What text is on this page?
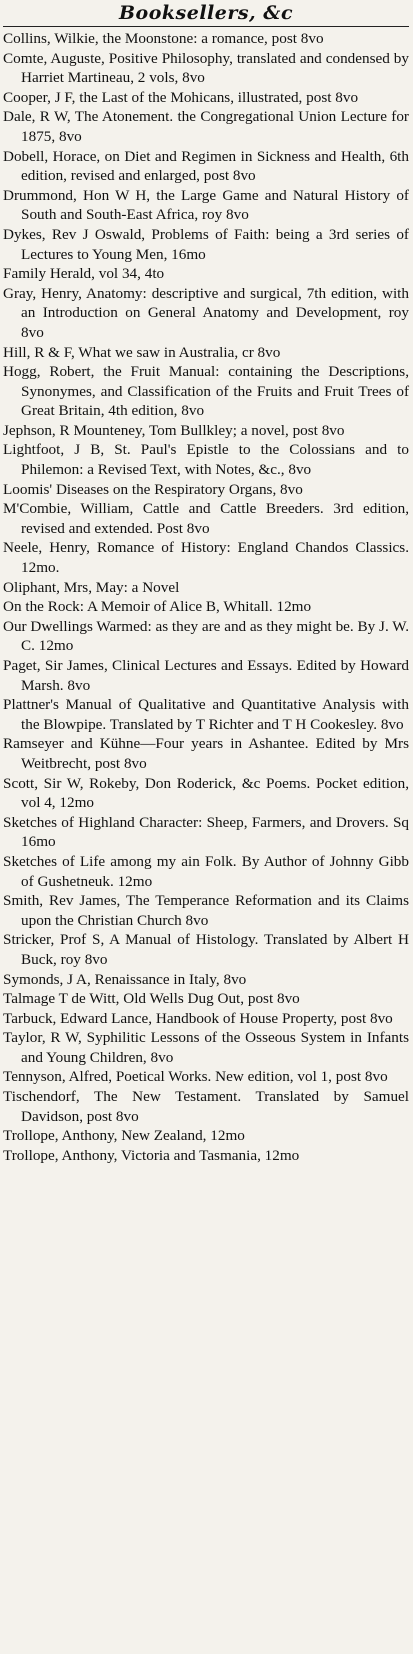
Booksellers, &c

Collins, Wilkie, the Moonstone: a romance, post 8vo

Comte, Auguste, Positive Philosophy, translated and condensed by Harriet Martineau, 2 vols, 8vo

Cooper, J F, the Last of the Mohicans, illustrated, post 8vo

Dale, R W, The Atonement. the Congregational Union Lecture for 1875, 8vo

Dobell, Horace, on Diet and Regimen in Sickness and Health, 6th edition, revised and enlarged, post 8vo

Drummond, Hon W H, the Large Game and Natural History of South and South-East Africa, roy 8vo

Dykes, Rev J Oswald, Problems of Faith: being a 3rd series of Lectures to Young Men, 16mo

Family Herald, vol 34, 4to

Gray, Henry, Anatomy: descriptive and surgical, 7th edition, with an Introduction on General Anatomy and Development, roy 8vo

Hill, R & F, What we saw in Australia, cr 8vo

Hogg, Robert, the Fruit Manual: containing the Descriptions, Synonymes, and Classification of the Fruits and Fruit Trees of Great Britain, 4th edition, 8vo

Jephson, R Mounteney, Tom Bullkley; a novel, post 8vo

Lightfoot, J B, St. Paul's Epistle to the Colossians and to Philemon: a Revised Text, with Notes, &c., 8vo

Loomis' Diseases on the Respiratory Organs, 8vo

M'Combie, William, Cattle and Cattle Breeders. 3rd edition, revised and extended. Post 8vo

Neele, Henry, Romance of History: England Chandos Classics. 12mo.

Oliphant, Mrs, May: a Novel

On the Rock: A Memoir of Alice B, Whitall. 12mo

Our Dwellings Warmed: as they are and as they might be. By J. W. C. 12mo

Paget, Sir James, Clinical Lectures and Essays. Edited by Howard Marsh. 8vo

Plattner's Manual of Qualitative and Quantitative Analysis with the Blowpipe. Translated by T Richter and T H Cookesley. 8vo

Ramseyer and Kühne—Four years in Ashantee. Edited by Mrs Weitbrecht, post 8vo

Scott, Sir W, Rokeby, Don Roderick, &c Poems. Pocket edition, vol 4, 12mo

Sketches of Highland Character: Sheep, Farmers, and Drovers. Sq 16mo

Sketches of Life among my ain Folk. By Author of Johnny Gibb of Gushetneuk. 12mo

Smith, Rev James, The Temperance Reformation and its Claims upon the Christian Church 8vo

Stricker, Prof S, A Manual of Histology. Translated by Albert H Buck, roy 8vo

Symonds, J A, Renaissance in Italy, 8vo

Talmage T de Witt, Old Wells Dug Out, post 8vo

Tarbuck, Edward Lance, Handbook of House Property, post 8vo

Taylor, R W, Syphilitic Lessons of the Osseous System in Infants and Young Children, 8vo

Tennyson, Alfred, Poetical Works. New edition, vol 1, post 8vo

Tischendorf, The New Testament. Translated by Samuel Davidson, post 8vo

Trollope, Anthony, New Zealand, 12mo

Trollope, Anthony, Victoria and Tasmania, 12mo
